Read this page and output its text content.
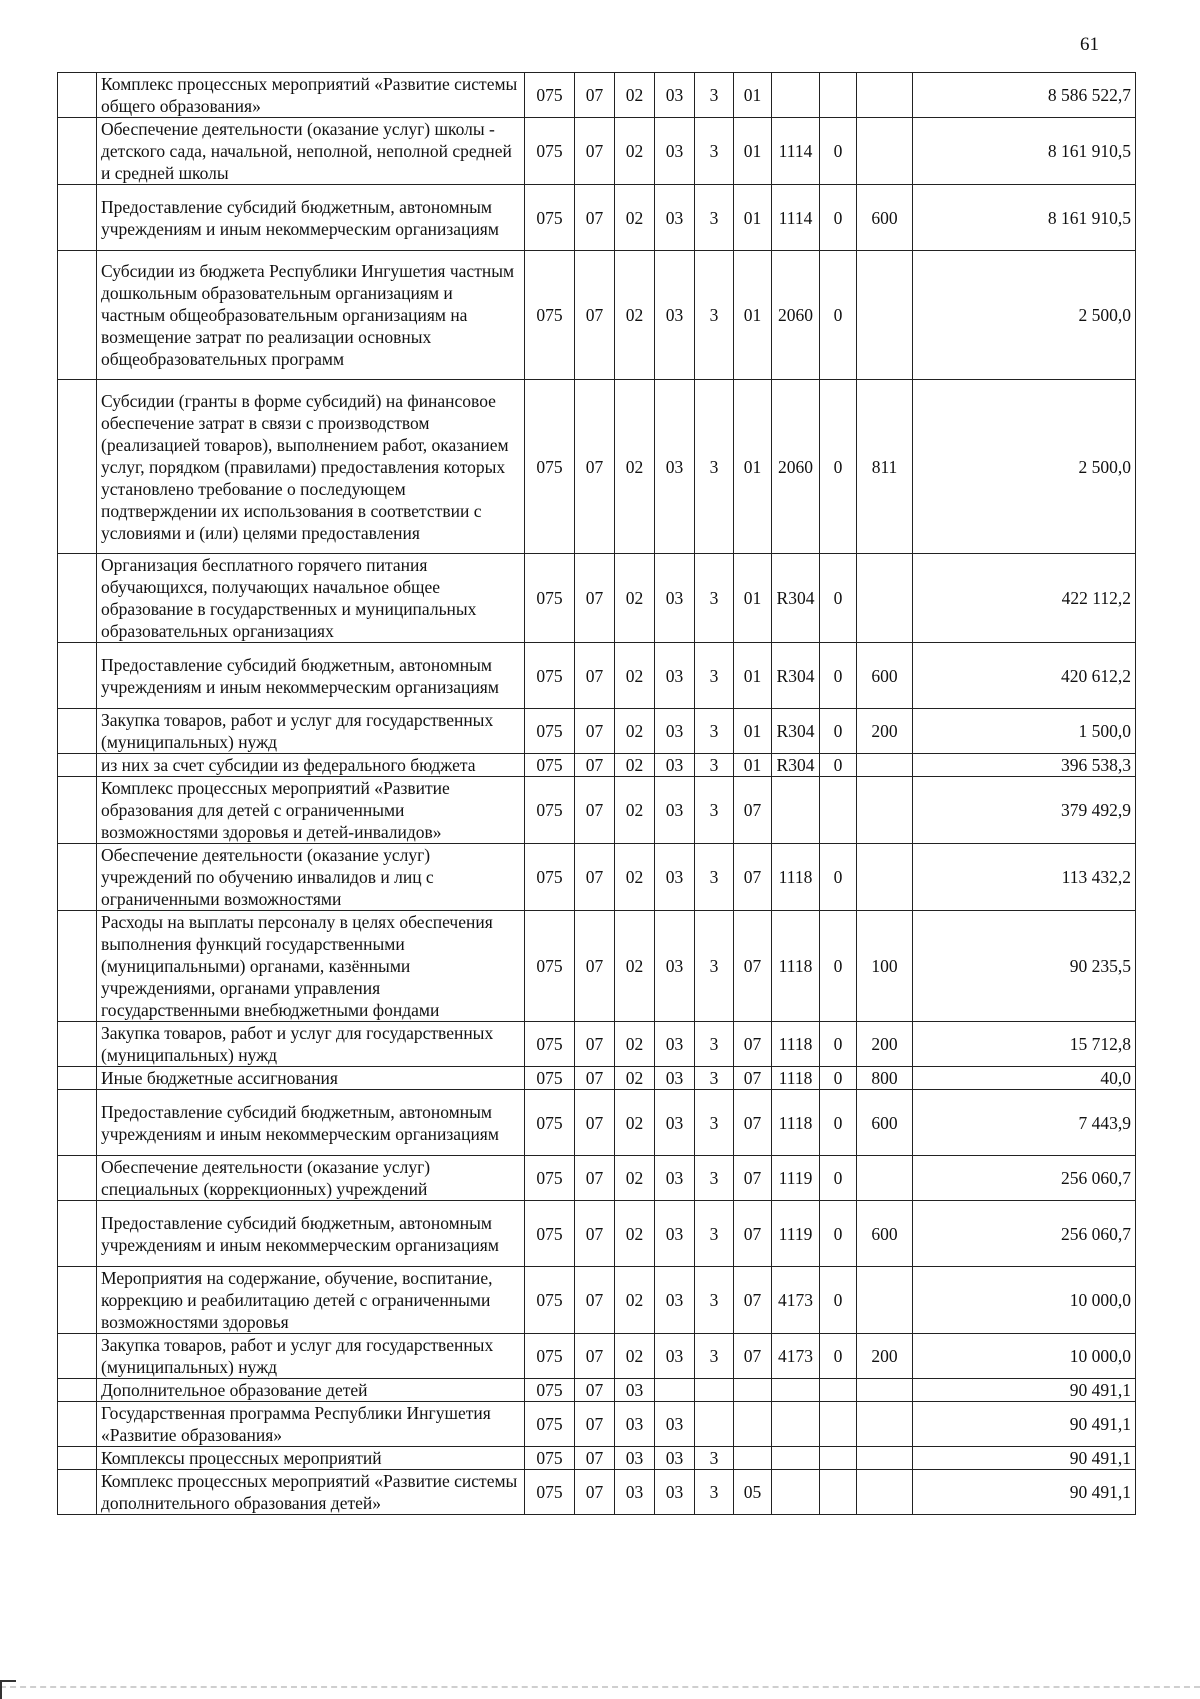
61
	Комплекс процессных мероприятий «Развитие системы общего образования»	075	07	02	03	3	01				8 586 522,7
	Обеспечение деятельности (оказание услуг) школы - детского сада, начальной, неполной, неполной средней и средней школы	075	07	02	03	3	01	1114	0		8 161 910,5
	Предоставление субсидий бюджетным, автономным учреждениям и иным некоммерческим организациям	075	07	02	03	3	01	1114	0	600	8 161 910,5
	Субсидии из бюджета Республики Ингушетия частным дошкольным образовательным организациям и частным общеобразовательным организациям на возмещение затрат по реализации основных общеобразовательных программ	075	07	02	03	3	01	2060	0		2 500,0
	Субсидии (гранты в форме субсидий) на финансовое обеспечение затрат в связи с производством (реализацией товаров), выполнением работ, оказанием услуг, порядком (правилами) предоставления которых установлено требование о последующем подтверждении их использования в соответствии с условиями и (или) целями предоставления	075	07	02	03	3	01	2060	0	811	2 500,0
	Организация бесплатного горячего питания обучающихся, получающих начальное общее образование в государственных и муниципальных образовательных организациях	075	07	02	03	3	01	R304	0		422 112,2
	Предоставление субсидий бюджетным, автономным учреждениям и иным некоммерческим организациям	075	07	02	03	3	01	R304	0	600	420 612,2
	Закупка товаров, работ и услуг для государственных (муниципальных) нужд	075	07	02	03	3	01	R304	0	200	1 500,0
	из них за счет субсидии из федерального бюджета	075	07	02	03	3	01	R304	0		396 538,3
	Комплекс процессных мероприятий «Развитие образования для детей с ограниченными возможностями здоровья и детей-инвалидов»	075	07	02	03	3	07				379 492,9
	Обеспечение деятельности (оказание услуг) учреждений по обучению инвалидов и лиц с ограниченными возможностями	075	07	02	03	3	07	1118	0		113 432,2
	Расходы на выплаты персоналу в целях обеспечения выполнения функций государственными (муниципальными) органами, казёнными учреждениями, органами управления государственными внебюджетными фондами	075	07	02	03	3	07	1118	0	100	90 235,5
	Закупка товаров, работ и услуг для государственных (муниципальных) нужд	075	07	02	03	3	07	1118	0	200	15 712,8
	Иные бюджетные ассигнования	075	07	02	03	3	07	1118	0	800	40,0
	Предоставление субсидий бюджетным, автономным учреждениям и иным некоммерческим организациям	075	07	02	03	3	07	1118	0	600	7 443,9
	Обеспечение деятельности (оказание услуг) специальных (коррекционных) учреждений	075	07	02	03	3	07	1119	0		256 060,7
	Предоставление субсидий бюджетным, автономным учреждениям и иным некоммерческим организациям	075	07	02	03	3	07	1119	0	600	256 060,7
	Мероприятия на содержание, обучение, воспитание, коррекцию и реабилитацию детей с ограниченными возможностями здоровья	075	07	02	03	3	07	4173	0		10 000,0
	Закупка товаров, работ и услуг для государственных (муниципальных) нужд	075	07	02	03	3	07	4173	0	200	10 000,0
	Дополнительное образование детей	075	07	03							90 491,1
	Государственная программа Республики Ингушетия «Развитие образования»	075	07	03	03						90 491,1
	Комплексы процессных мероприятий	075	07	03	03	3					90 491,1
	Комплекс процессных мероприятий «Развитие системы дополнительного образования детей»	075	07	03	03	3	05				90 491,1
